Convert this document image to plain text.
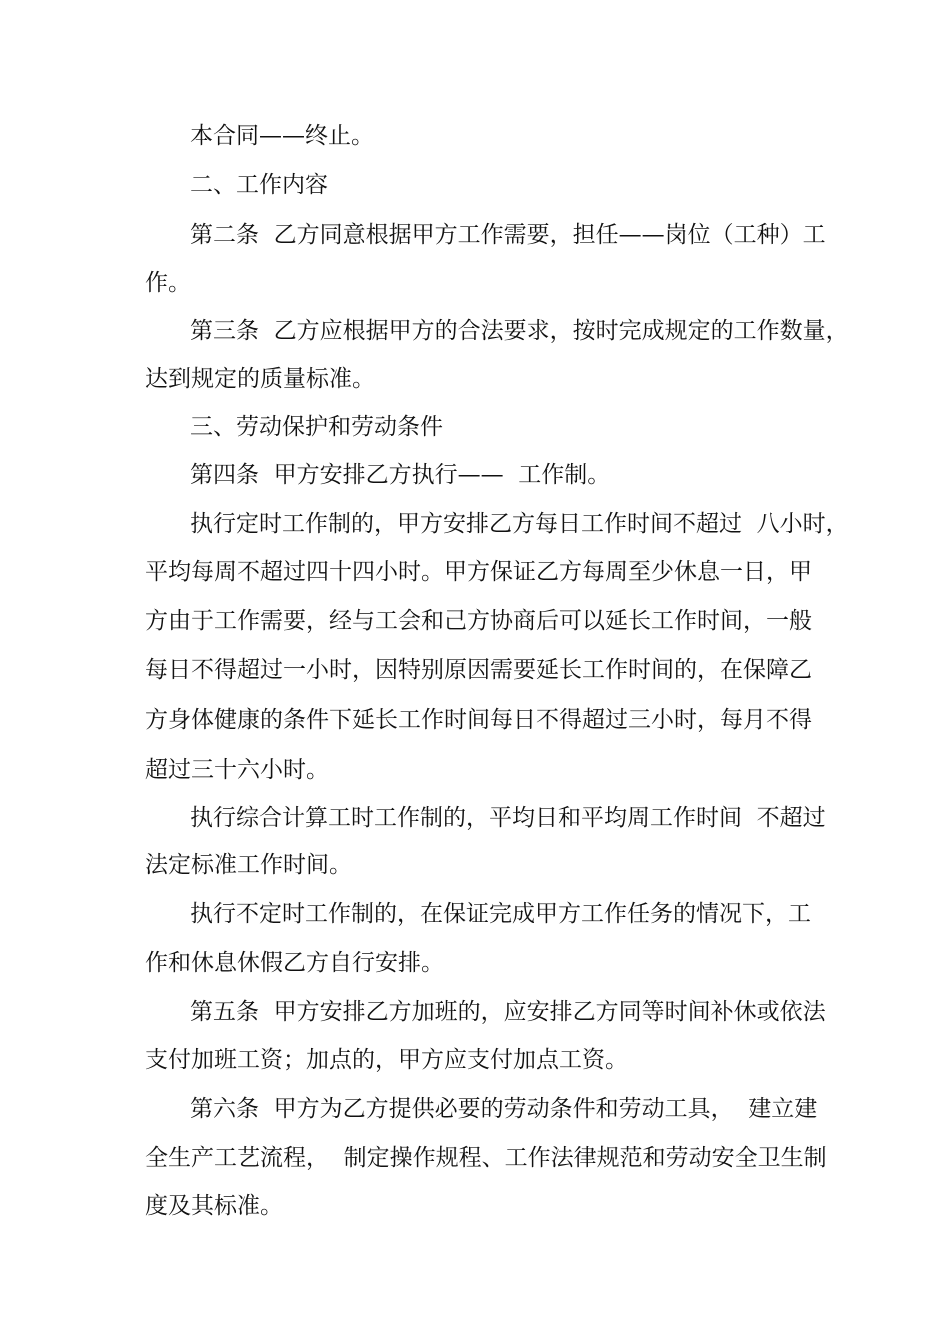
本合同——终止。
二、工作内容
第二条  乙方同意根据甲方工作需要，担任——岗位（工种）工
作。
第三条  乙方应根据甲方的合法要求，按时完成规定的工作数量，
达到规定的质量标准。
三、劳动保护和劳动条件
第四条  甲方安排乙方执行——  工作制。
执行定时工作制的，甲方安排乙方每日工作时间不超过  八小时，
平均每周不超过四十四小时。甲方保证乙方每周至少休息一日，甲
方由于工作需要，经与工会和己方协商后可以延长工作时间，一般
每日不得超过一小时，因特别原因需要延长工作时间的，在保障乙
方身体健康的条件下延长工作时间每日不得超过三小时，每月不得
超过三十六小时。
执行综合计算工时工作制的，平均日和平均周工作时间  不超过
法定标准工作时间。
执行不定时工作制的，在保证完成甲方工作任务的情况下，工
作和休息休假乙方自行安排。
第五条  甲方安排乙方加班的，应安排乙方同等时间补休或依法
支付加班工资；加点的，甲方应支付加点工资。
第六条  甲方为乙方提供必要的劳动条件和劳动工具，  建立建
全生产工艺流程，  制定操作规程、工作法律规范和劳动安全卫生制
度及其标准。
